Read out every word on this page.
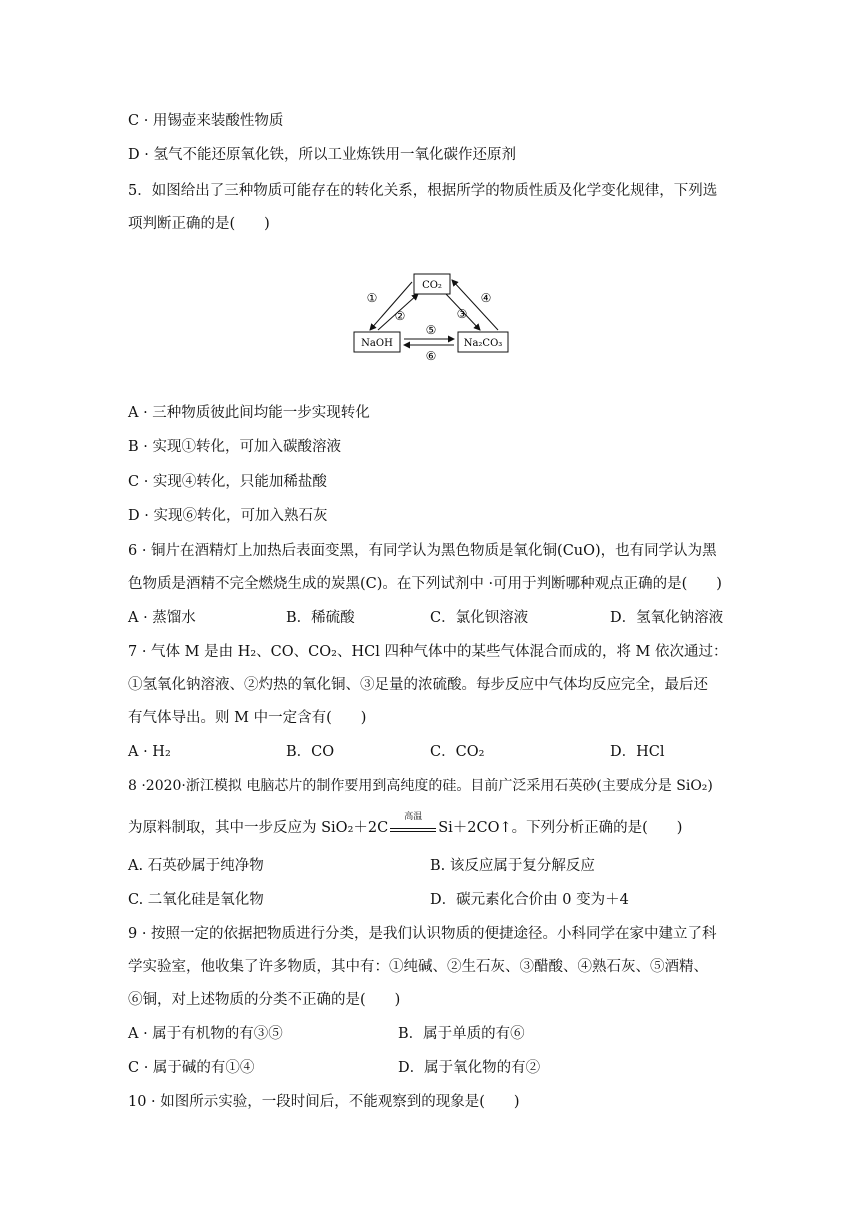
C · 用锡壶来装酸性物质
D · 氢气不能还原氧化铁，所以工业炼铁用一氧化碳作还原剂
5．如图给出了三种物质可能存在的转化关系，根据所学的物质性质及化学变化规律，下列选
项判断正确的是(　　)
CO₂
NaOH	Na₂CO₃
①
②	③
④
⑤
⑥
A · 三种物质彼此间均能一步实现转化
B · 实现①转化，可加入碳酸溶液
C · 实现④转化，只能加稀盐酸
D · 实现⑥转化，可加入熟石灰
6 · 铜片在酒精灯上加热后表面变黑，有同学认为黑色物质是氧化铜(CuO)，也有同学认为黑
色物质是酒精不完全燃烧生成的炭黑(C)。在下列试剂中 ·可用于判断哪种观点正确的是(　　)
A · 蒸馏水	B．稀硫酸	C．氯化钡溶液	D．氢氧化钠溶液
7 · 气体 M 是由 H₂、CO、CO₂、HCl 四种气体中的某些气体混合而成的，将 M 依次通过：
①氢氧化钠溶液、②灼热的氧化铜、③足量的浓硫酸。每步反应中气体均反应完全，最后还
有气体导出。则 M 中一定含有(　　)
A · H₂	B．CO	C．CO₂	D．HCl
8 ·2020·浙江模拟 电脑芯片的制作要用到高纯度的硅。目前广泛采用石英砂(主要成分是 SiO₂)
为原料制取，其中一步反应为 SiO₂＋2C
高温
Si＋2CO↑。下列分析正确的是(　　)
A. 石英砂属于纯净物	B. 该反应属于复分解反应
C. 二氧化硅是氧化物	D．碳元素化合价由 0 变为＋4
9 · 按照一定的依据把物质进行分类，是我们认识物质的便捷途径。小科同学在家中建立了科
学实验室，他收集了许多物质，其中有：①纯碱、②生石灰、③醋酸、④熟石灰、⑤酒精、
⑥铜，对上述物质的分类不正确的是(　　)
A · 属于有机物的有③⑤	B．属于单质的有⑥
C · 属于碱的有①④	D．属于氧化物的有②
10 · 如图所示实验，一段时间后，不能观察到的现象是(　　)
